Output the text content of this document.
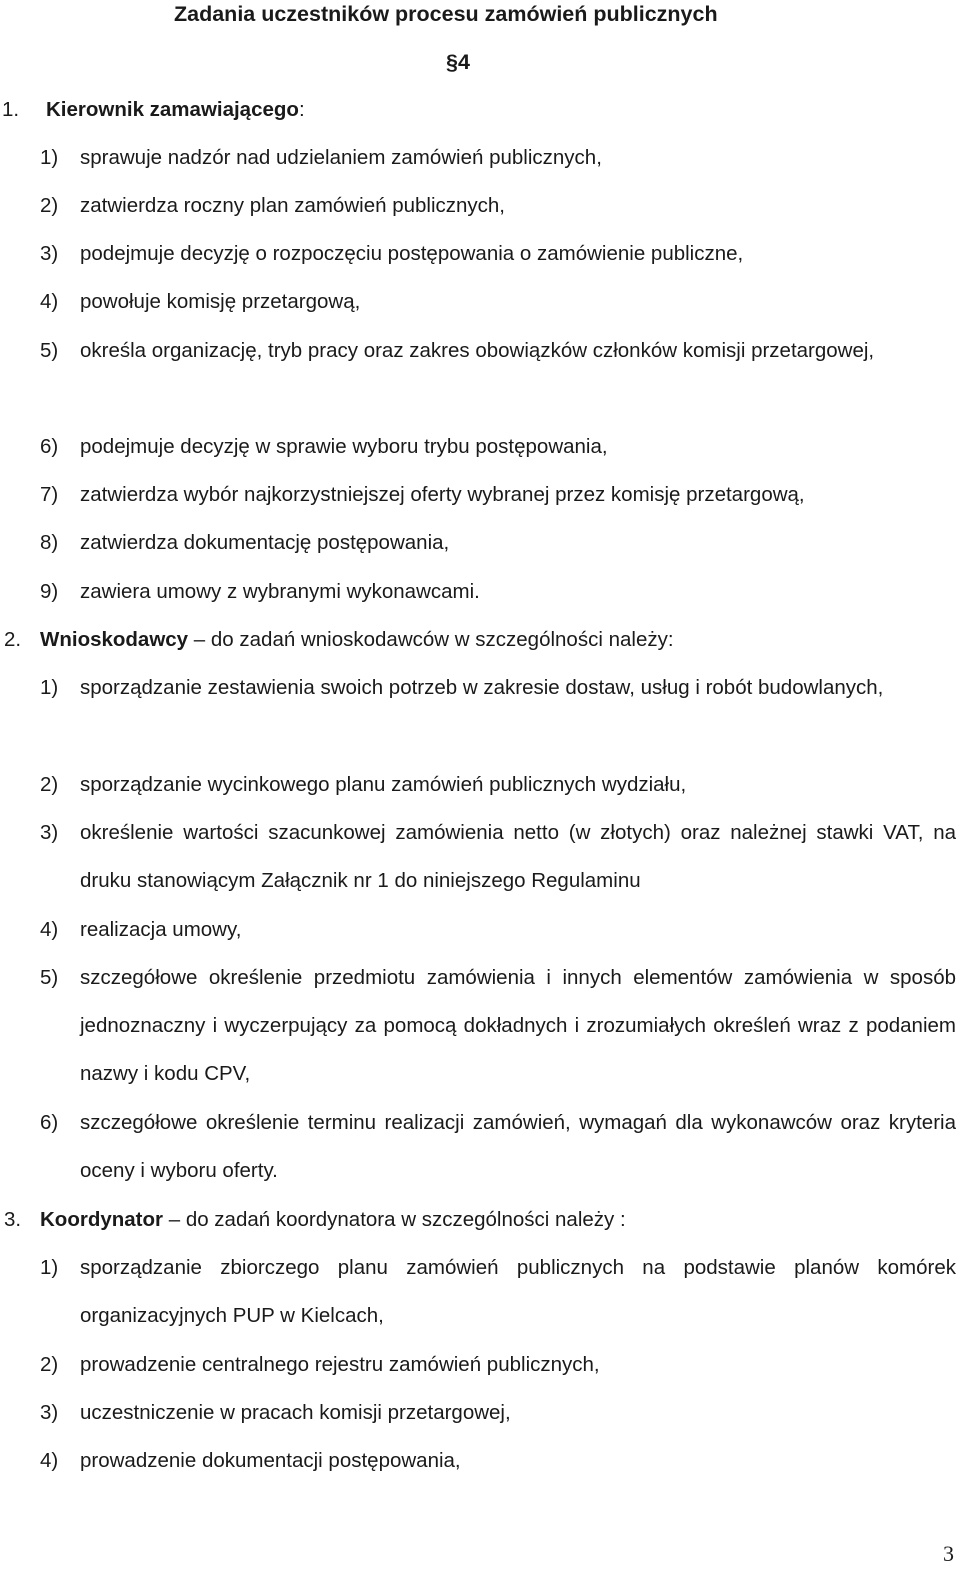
Zadania uczestników procesu zamówień publicznych
§4
1. Kierownik zamawiającego:
1) sprawuje nadzór nad udzielaniem zamówień publicznych,
2) zatwierdza roczny plan zamówień publicznych,
3) podejmuje decyzję o rozpoczęciu postępowania o zamówienie publiczne,
4) powołuje komisję przetargową,
5) określa organizację, tryb pracy oraz zakres obowiązków członków komisji przetargowej,
6) podejmuje decyzję w sprawie wyboru trybu postępowania,
7) zatwierdza wybór najkorzystniejszej oferty wybranej przez komisję przetargową,
8) zatwierdza dokumentację postępowania,
9) zawiera umowy z wybranymi wykonawcami.
2. Wnioskodawcy – do zadań wnioskodawców w szczególności należy:
1) sporządzanie zestawienia swoich potrzeb w zakresie dostaw, usług i robót budowlanych,
2) sporządzanie wycinkowego planu zamówień publicznych wydziału,
3) określenie wartości szacunkowej zamówienia netto (w złotych) oraz należnej stawki VAT, na druku stanowiącym Załącznik nr 1 do niniejszego Regulaminu
4) realizacja umowy,
5) szczegółowe określenie przedmiotu zamówienia i innych elementów zamówienia w sposób jednoznaczny i wyczerpujący za pomocą dokładnych i zrozumiałych określeń wraz z podaniem nazwy i kodu CPV,
6) szczegółowe określenie terminu realizacji zamówień, wymagań dla wykonawców oraz kryteria oceny i wyboru oferty.
3. Koordynator – do zadań koordynatora w szczególności należy :
1) sporządzanie zbiorczego planu zamówień publicznych na podstawie planów komórek organizacyjnych PUP w Kielcach,
2) prowadzenie centralnego rejestru zamówień publicznych,
3) uczestniczenie w pracach komisji przetargowej,
4) prowadzenie dokumentacji postępowania,
3
